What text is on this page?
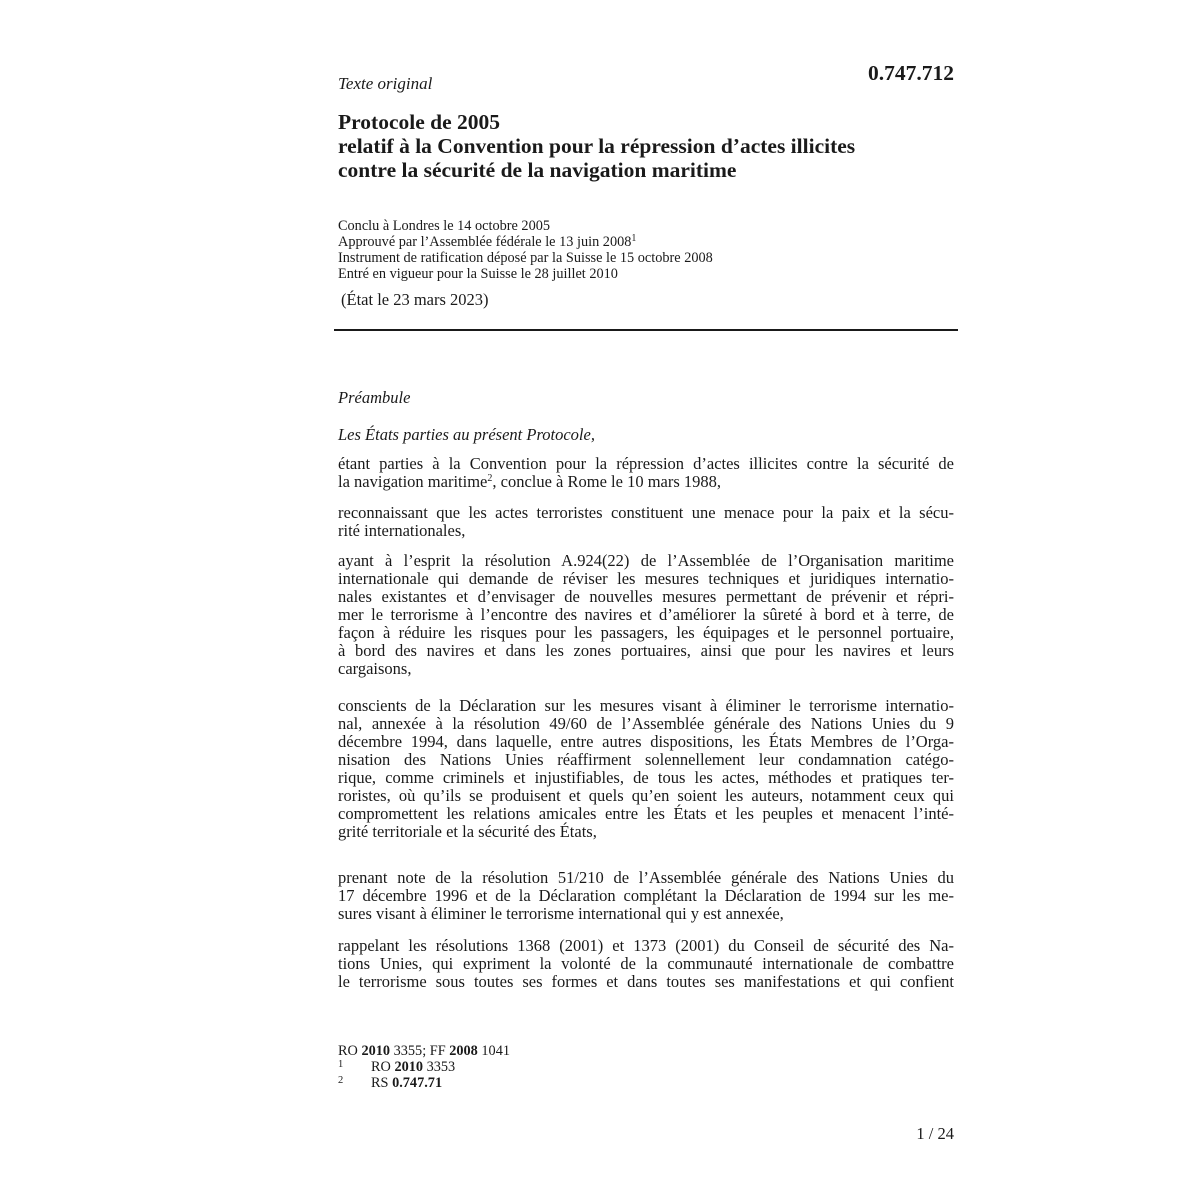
Texte original	0.747.712
Protocole de 2005
relatif à la Convention pour la répression d’actes illicites
contre la sécurité de la navigation maritime
Conclu à Londres le 14 octobre 2005
Approuvé par l’Assemblée fédérale le 13 juin 2008$^1$
Instrument de ratification déposé par la Suisse le 15 octobre 2008
Entré en vigueur pour la Suisse le 28 juillet 2010
(État le 23 mars 2023)
Préambule
Les États parties au présent Protocole,
étant parties à la Convention pour la répression d’actes illicites contre la sécurité de
la navigation maritime$^2$, conclue à Rome le 10 mars 1988,
reconnaissant que les actes terroristes constituent une menace pour la paix et la sécu-
rité internationales,
ayant à l’esprit la résolution A.924(22) de l’Assemblée de l’Organisation maritime
internationale qui demande de réviser les mesures techniques et juridiques internatio-
nales existantes et d’envisager de nouvelles mesures permettant de prévenir et répri-
mer le terrorisme à l’encontre des navires et d’améliorer la sûreté à bord et à terre, de
façon à réduire les risques pour les passagers, les équipages et le personnel portuaire,
à bord des navires et dans les zones portuaires, ainsi que pour les navires et leurs
cargaisons,
conscients de la Déclaration sur les mesures visant à éliminer le terrorisme internatio-
nal, annexée à la résolution 49/60 de l’Assemblée générale des Nations Unies du 9
décembre 1994, dans laquelle, entre autres dispositions, les États Membres de l’Orga-
nisation des Nations Unies réaffirment solennellement leur condamnation catégo-
rique, comme criminels et injustifiables, de tous les actes, méthodes et pratiques ter-
roristes, où qu’ils se produisent et quels qu’en soient les auteurs, notamment ceux qui
compromettent les relations amicales entre les États et les peuples et menacent l’inté-
grité territoriale et la sécurité des États,
prenant note de la résolution 51/210 de l’Assemblée générale des Nations Unies du
17 décembre 1996 et de la Déclaration complétant la Déclaration de 1994 sur les me-
sures visant à éliminer le terrorisme international qui y est annexée,
rappelant les résolutions 1368 (2001) et 1373 (2001) du Conseil de sécurité des Na-
tions Unies, qui expriment la volonté de la communauté internationale de combattre
le terrorisme sous toutes ses formes et dans toutes ses manifestations et qui confient
RO 2010 3355; FF 2008 1041
1 RO 2010 3353
2 RS 0.747.71
1 / 24
